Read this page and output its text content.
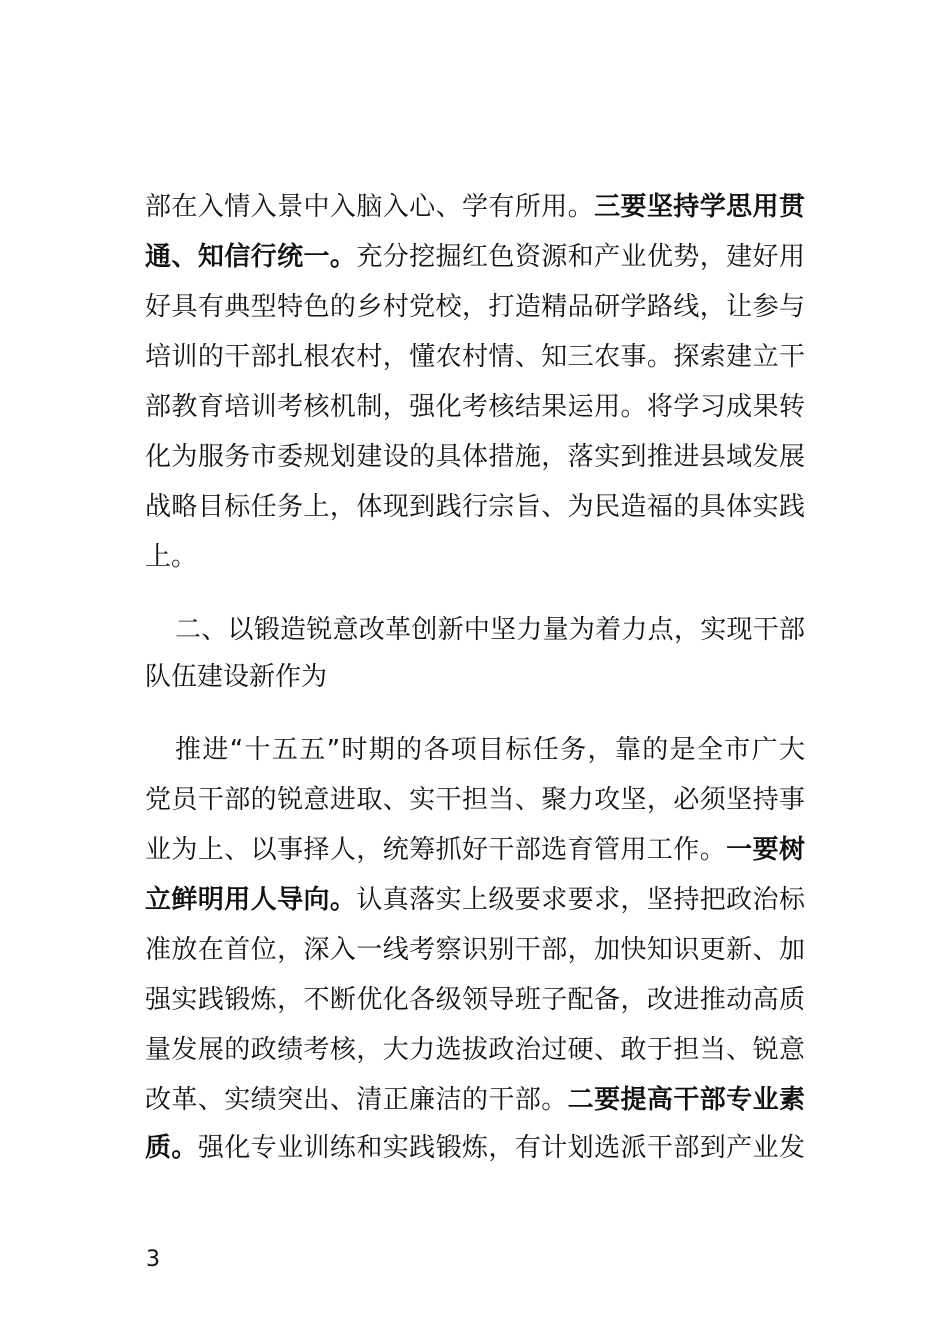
部在入情入景中入脑入心、学有所用。三要坚持学思用贯
通、知信行统一。充分挖掘红色资源和产业优势，建好用
好具有典型特色的乡村党校，打造精品研学路线，让参与
培训的干部扎根农村，懂农村情、知三农事。探索建立干
部教育培训考核机制，强化考核结果运用。将学习成果转
化为服务市委规划建设的具体措施，落实到推进县域发展
战略目标任务上，体现到践行宗旨、为民造福的具体实践
上。
二、以锻造锐意改革创新中坚力量为着力点，实现干部
队伍建设新作为
推进“十五五”时期的各项目标任务，靠的是全市广大
党员干部的锐意进取、实干担当、聚力攻坚，必须坚持事
业为上、以事择人，统筹抓好干部选育管用工作。一要树
立鲜明用人导向。认真落实上级要求要求，坚持把政治标
准放在首位，深入一线考察识别干部，加快知识更新、加
强实践锻炼，不断优化各级领导班子配备，改进推动高质
量发展的政绩考核，大力选拔政治过硬、敢于担当、锐意
改革、实绩突出、清正廉洁的干部。二要提高干部专业素
质。强化专业训练和实践锻炼，有计划选派干部到产业发
3
